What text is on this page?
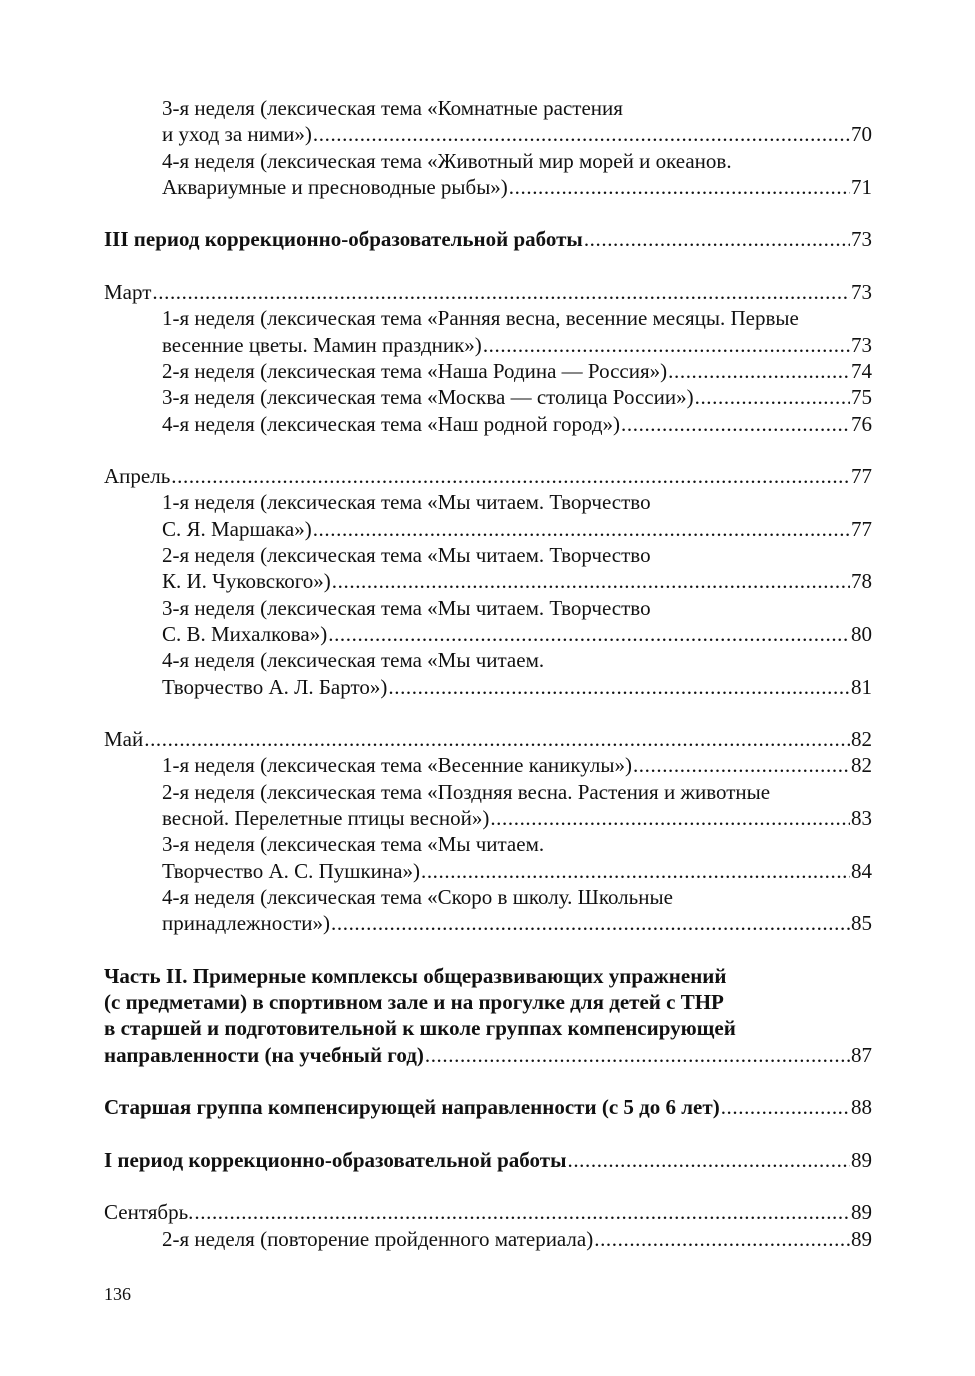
3-я неделя (лексическая тема «Комнатные растения
и уход за ними») .....	70
4-я неделя (лексическая тема «Животный мир морей и океанов.
Аквариумные и пресноводные рыбы») .....	71
III период коррекционно-образовательной работы .....	73
Март .....	73
1-я неделя (лексическая тема «Ранняя весна, весенние месяцы. Первые
весенние цветы. Мамин праздник») .....	73
2-я неделя (лексическая тема «Наша Родина — Россия») .....	74
3-я неделя (лексическая тема «Москва — столица России») .....	75
4-я неделя (лексическая тема «Наш родной город») .....	76
Апрель .....	77
1-я неделя (лексическая тема «Мы читаем. Творчество
С. Я. Маршака») .....	77
2-я неделя (лексическая тема «Мы читаем. Творчество
К. И. Чуковского») .....	78
3-я неделя (лексическая тема «Мы читаем. Творчество
С. В. Михалкова») .....	80
4-я неделя (лексическая тема «Мы читаем.
Творчество А. Л. Барто») .....	81
Май .....	82
1-я неделя (лексическая тема «Весенние каникулы») .....	82
2-я неделя (лексическая тема «Поздняя весна. Растения и животные
весной. Перелетные птицы весной») .....	83
3-я неделя (лексическая тема «Мы читаем.
Творчество А. С. Пушкина») .....	84
4-я неделя (лексическая тема «Скоро в школу. Школьные
принадлежности») .....	85
Часть II. Примерные комплексы общеразвивающих упражнений
(с предметами) в спортивном зале и на прогулке для детей с ТНР
в старшей и подготовительной к школе группах компенсирующей
направленности (на учебный год) .....	87
Старшая группа компенсирующей направленности (с 5 до 6 лет) .....	88
I период коррекционно-образовательной работы .....	89
Сентябрь. .....	89
2-я неделя (повторение пройденного материала) .....	89
136
